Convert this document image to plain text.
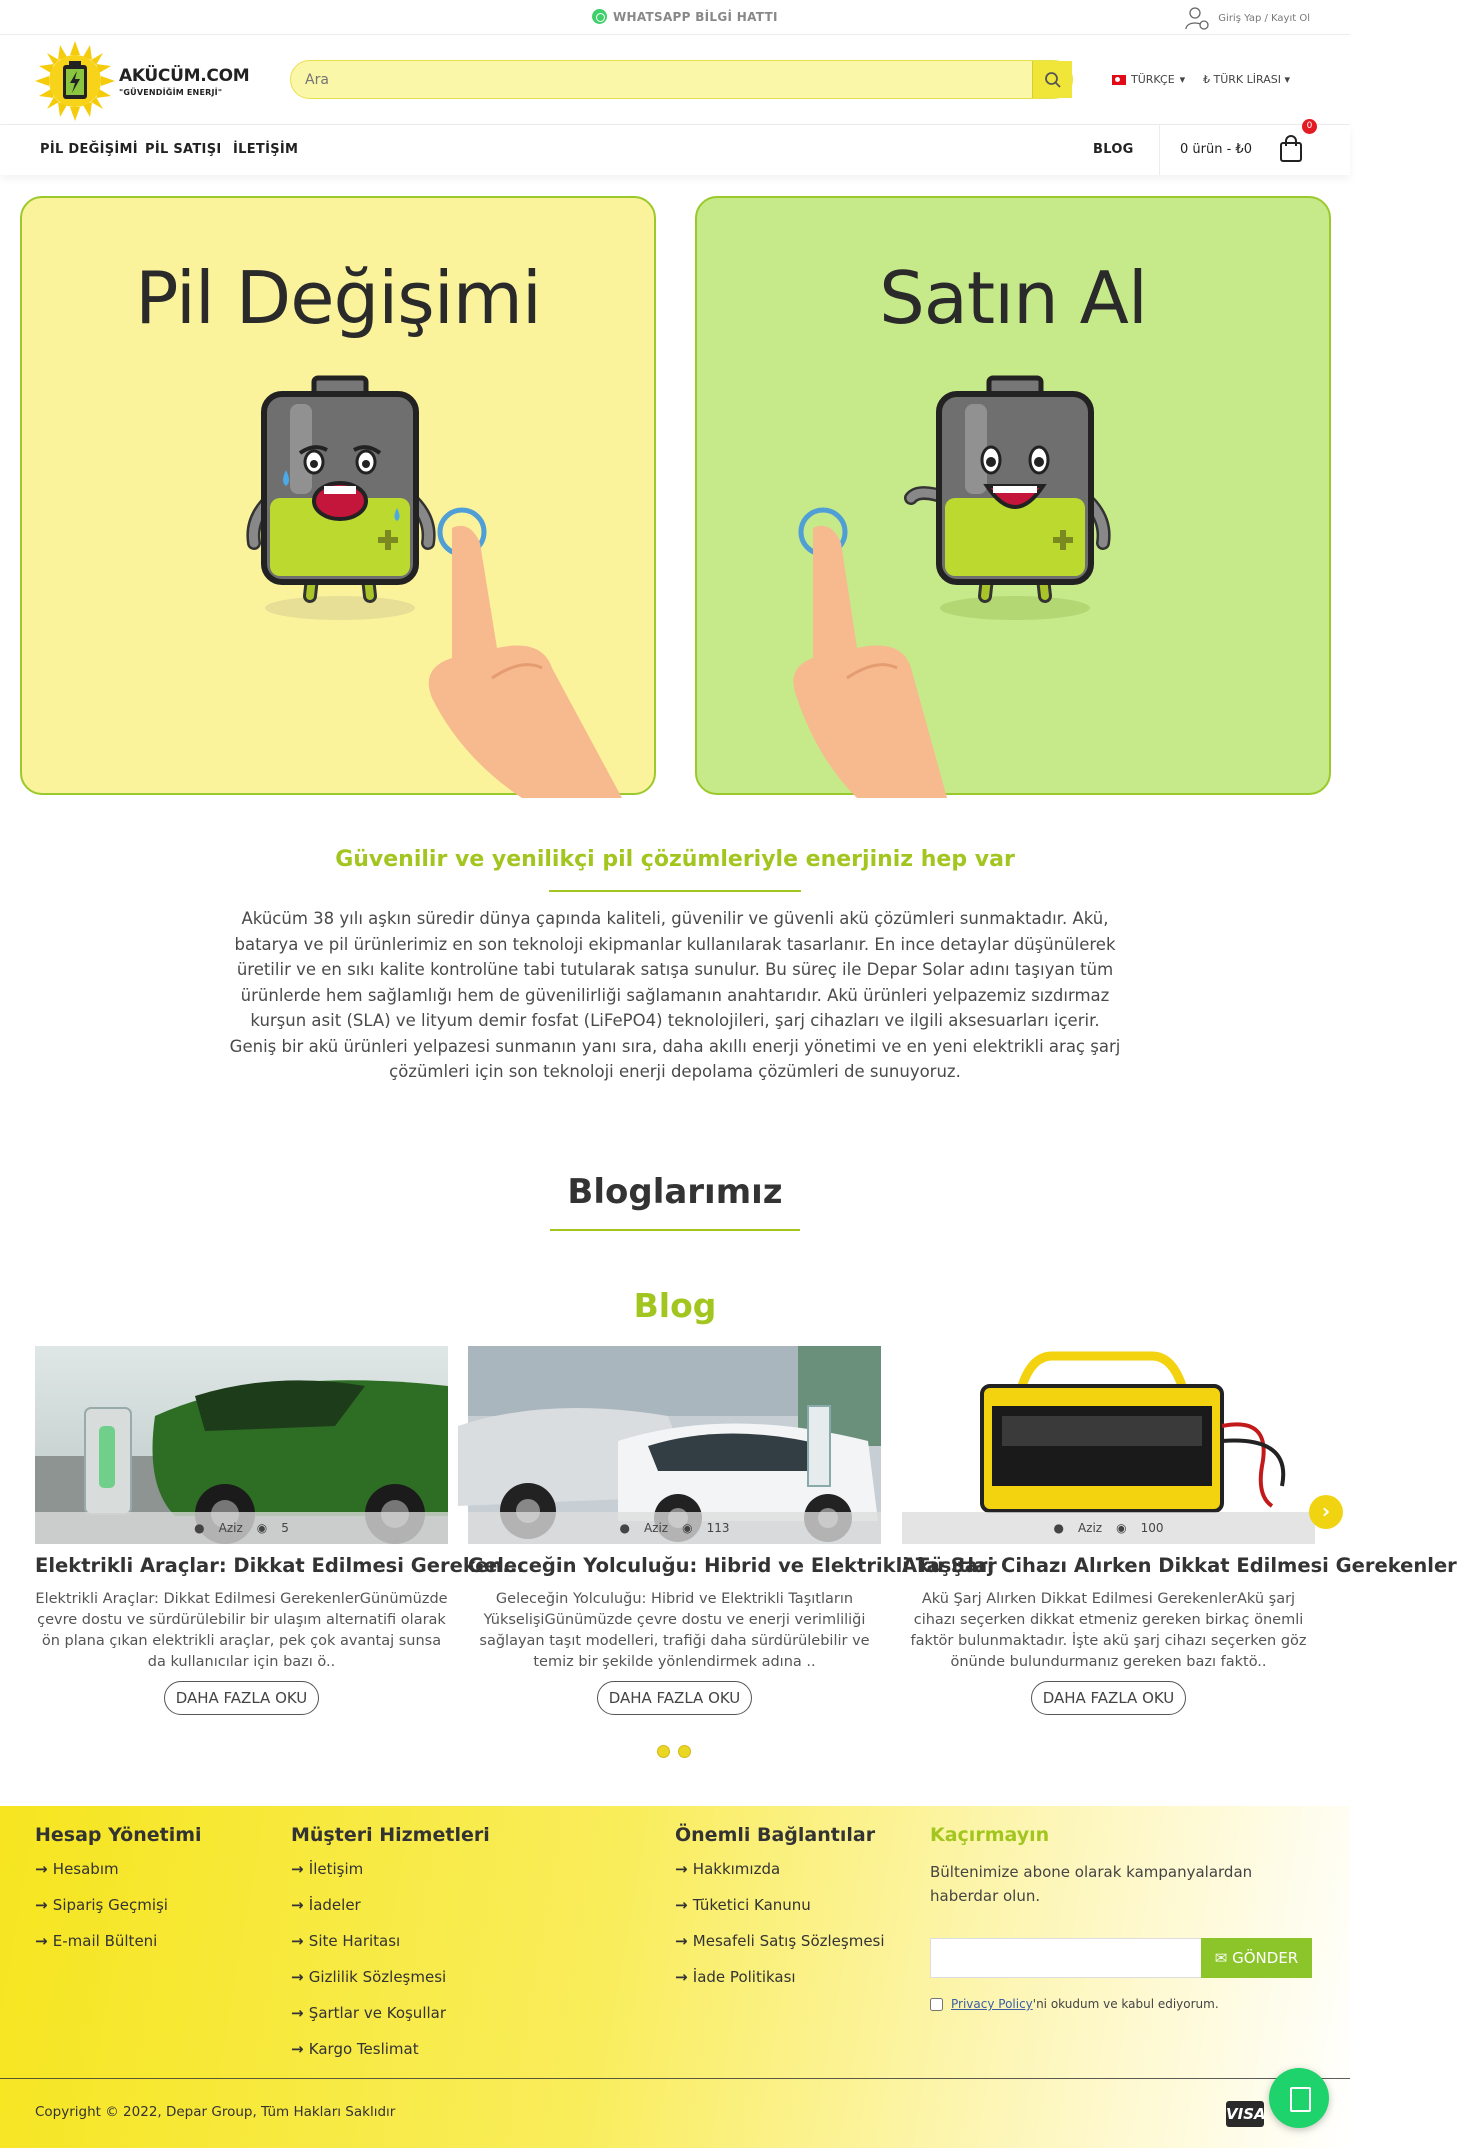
WHATSAPP BİLGİ HATTI	Giriş Yap / Kayıt Ol
AKÜCÜM.COM
"GÜVENDİĞİM ENERJİ"
Ara
TÜRKÇE ▾ ₺ TÜRK LİRASI ▾
PİL DEĞİŞİMİ PİL SATIŞI İLETİŞİM	BLOG	0 ürün - ₺0
0
Pil Değişimi	Satın Al
Güvenilir ve yenilikçi pil çözümleriyle enerjiniz hep var
Akücüm 38 yılı aşkın süredir dünya çapında kaliteli, güvenilir ve güvenli akü çözümleri sunmaktadır. Akü, batarya ve pil ürünlerimiz en son teknoloji ekipmanlar kullanılarak tasarlanır. En ince detaylar düşünülerek üretilir ve en sıkı kalite kontrolüne tabi tutularak satışa sunulur. Bu süreç ile Depar Solar adını taşıyan tüm ürünlerde hem sağlamlığı hem de güvenilirliği sağlamanın anahtarıdır. Akü ürünleri yelpazemiz sızdırmaz kurşun asit (SLA) ve lityum demir fosfat (LiFePO4) teknolojileri, şarj cihazları ve ilgili aksesuarları içerir. Geniş bir akü ürünleri yelpazesi sunmanın yanı sıra, daha akıllı enerji yönetimi ve en yeni elektrikli araç şarj çözümleri için son teknoloji enerji depolama çözümleri de sunuyoruz.
Bloglarımız
Blog
● Aziz ◉ 5
Elektrikli Araçlar: Dikkat Edilmesi Gereken...

Elektrikli Araçlar: Dikkat Edilmesi GerekenlerGünümüzde çevre dostu ve sürdürülebilir bir ulaşım alternatifi olarak ön plana çıkan elektrikli araçlar, pek çok avantaj sunsa da kullanıcılar için bazı ö..

DAHA FAZLA OKU
● Aziz ◉ 113
Geleceğin Yolculuğu: Hibrid ve Elektrikli Taşıtlar

Geleceğin Yolculuğu: Hibrid ve Elektrikli Taşıtların YükselişiGünümüzde çevre dostu ve enerji verimliliği sağlayan taşıt modelleri, trafiği daha sürdürülebilir ve temiz bir şekilde yönlendirmek adına ..

DAHA FAZLA OKU
● Aziz ◉ 100
Akü Şarj Cihazı Alırken Dikkat Edilmesi Gerekenler

Akü Şarj Alırken Dikkat Edilmesi GerekenlerAkü şarj cihazı seçerken dikkat etmeniz gereken birkaç önemli faktör bulunmaktadır. İşte akü şarj cihazı seçerken göz önünde bulundurmanız gereken bazı faktö..

DAHA FAZLA OKU
›
Hesap Yönetimi
→ Hesabım
→ Sipariş Geçmişi
→ E-mail Bülteni
Müşteri Hizmetleri
→ İletişim
→ İadeler
→ Site Haritası
→ Gizlilik Sözleşmesi
→ Şartlar ve Koşullar
→ Kargo Teslimat
Önemli Bağlantılar
→ Hakkımızda
→ Tüketici Kanunu
→ Mesafeli Satış Sözleşmesi
→ İade Politikası
Kaçırmayın
Bültenimize abone olarak kampanyalardan haberdar olun.
✉ GÖNDER
Privacy Policy'ni okudum ve kabul ediyorum.
Copyright © 2022, Depar Group, Tüm Hakları Saklıdır	VISA
